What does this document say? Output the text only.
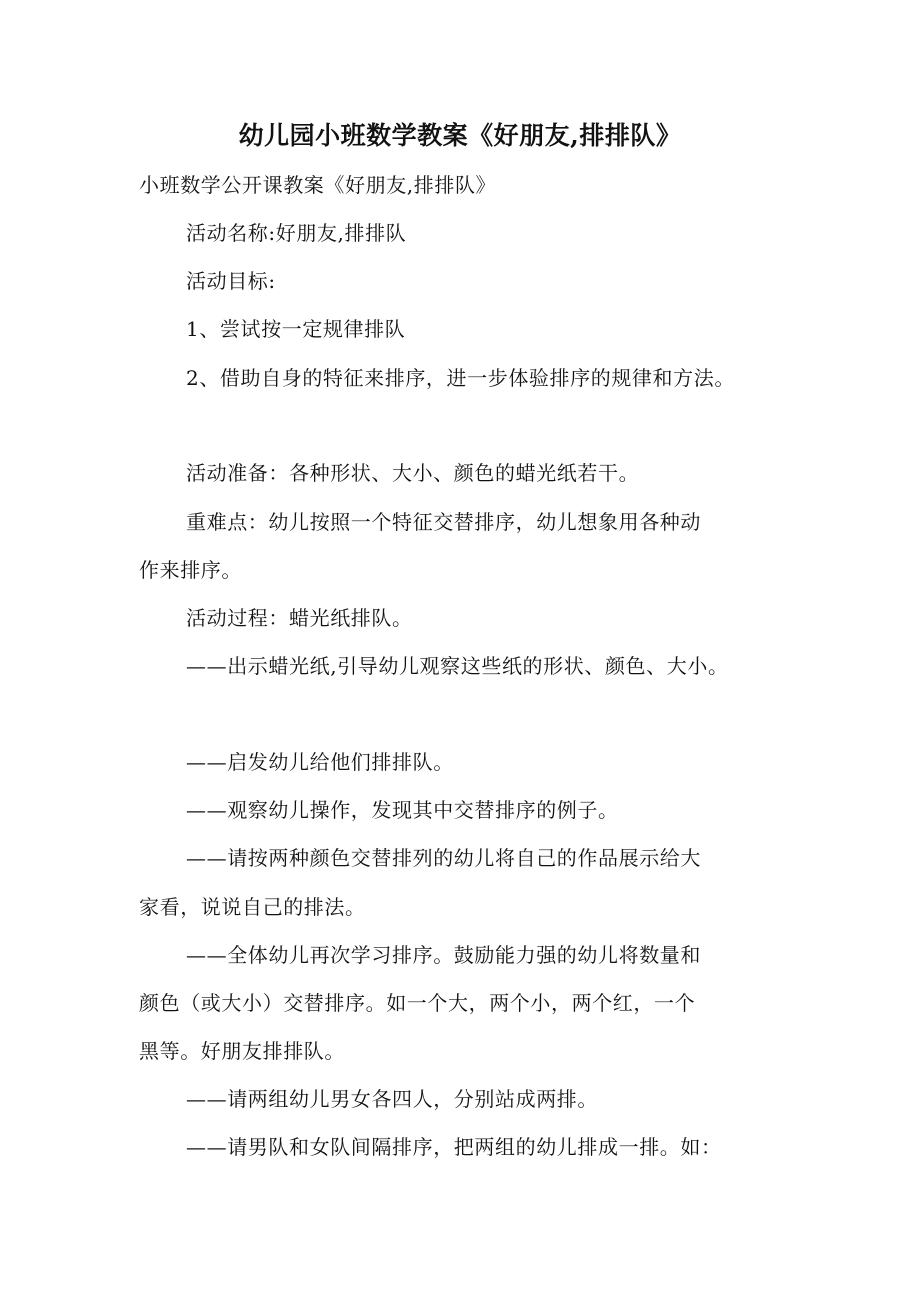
幼儿园小班数学教案《好朋友,排排队》
小班数学公开课教案《好朋友,排排队》
活动名称:好朋友,排排队
活动目标:
1、尝试按一定规律排队
2、借助自身的特征来排序，进一步体验排序的规律和方法。
活动准备：各种形状、大小、颜色的蜡光纸若干。
重难点：幼儿按照一个特征交替排序，幼儿想象用各种动
作来排序。
活动过程：蜡光纸排队。
——出示蜡光纸,引导幼儿观察这些纸的形状、颜色、大小。
——启发幼儿给他们排排队。
——观察幼儿操作，发现其中交替排序的例子。
——请按两种颜色交替排列的幼儿将自己的作品展示给大
家看，说说自己的排法。
——全体幼儿再次学习排序。鼓励能力强的幼儿将数量和
颜色（或大小）交替排序。如一个大，两个小，两个红，一个
黑等。好朋友排排队。
——请两组幼儿男女各四人，分别站成两排。
——请男队和女队间隔排序，把两组的幼儿排成一排。如：
